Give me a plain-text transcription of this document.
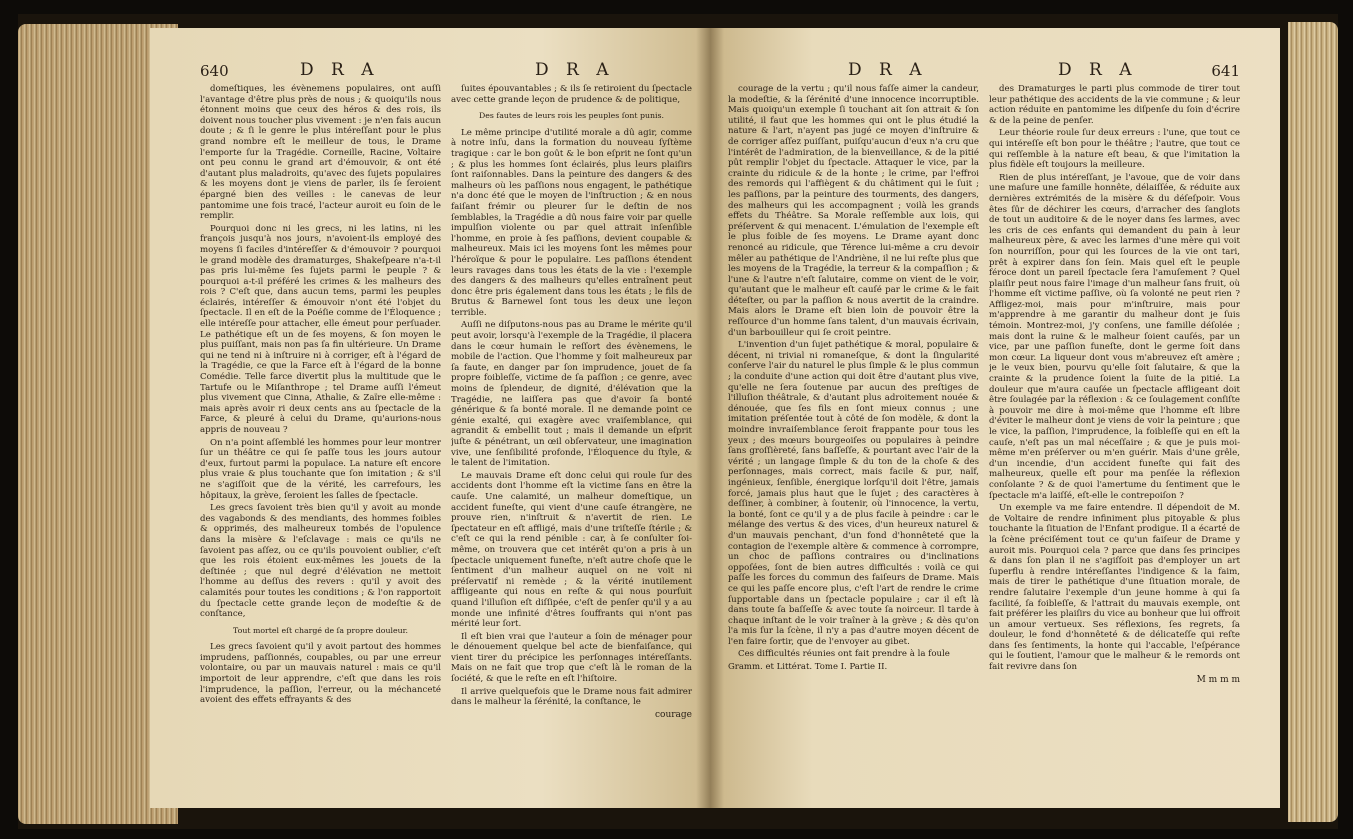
640	D R A	D R A

domeſtiques, les évènemens populaires, ont auſſi l'avantage d'être plus près de nous ; & quoiqu'ils nous étonnent moins que ceux des héros & des rois, ils doivent nous toucher plus vivement : je n'en fais aucun doute ; & ſi le genre le plus intéreſſant pour le plus grand nombre eſt le meilleur de tous, le Drame l'emporte ſur la Tragédie. Corneille, Racine, Voltaire ont peu connu le grand art d'émouvoir, & ont été d'autant plus maladroits, qu'avec des ſujets populaires & les moyens dont je viens de parler, ils ſe ſeroient épargné bien des veilles : le canevas de leur pantomime une fois tracé, l'acteur auroit eu ſoin de le remplir.

Pourquoi donc ni les grecs, ni les latins, ni les françois jusqu'à nos jours, n'avoient-ils employé des moyens ſi faciles d'intéreſſer & d'émouvoir ? pourquoi le grand modèle des dramaturges, Shakeſpeare n'a-t-il pas pris lui-même ſes ſujets parmi le peuple ? & pourquoi a-t-il préféré les crimes & les malheurs des rois ? C'eſt que, dans aucun tems, parmi les peuples éclairés, intéreſſer & émouvoir n'ont été l'objet du ſpectacle. Il en eſt de la Poéſie comme de l'Éloquence ; elle intéreſſe pour attacher, elle émeut pour perſuader. Le pathétique eſt un de ſes moyens, & ſon moyen le plus puiſſant, mais non pas ſa fin ultérieure. Un Drame qui ne tend ni à inſtruire ni à corriger, eſt à l'égard de la Tragédie, ce que la Farce eſt à l'égard de la bonne Comédie. Telle farce divertit plus la multitude que le Tartufe ou le Miſanthrope ; tel Drame auſſi l'émeut plus vivement que Cinna, Athalie, & Zaïre elle-même : mais après avoir ri deux cents ans au ſpectacle de la Farce, & pleuré à celui du Drame, qu'aurions-nous appris de nouveau ?

On n'a point aſſemblé les hommes pour leur montrer ſur un théâtre ce qui ſe paſſe tous les jours autour d'eux, furtout parmi la populace. La nature eſt encore plus vraie & plus touchante que ſon imitation ; & s'il ne s'agiſſoit que de la vérité, les carrefours, les hôpitaux, la grève, ſeroient les ſalles de ſpectacle.

Les grecs ſavoient très bien qu'il y avoit au monde des vagabonds & des mendiants, des hommes foibles & opprimés, des malheureux tombés de l'opulence dans la misère & l'eſclavage : mais ce qu'ils ne ſavoient pas aſſez, ou ce qu'ils pouvoient oublier, c'eſt que les rois étoient eux-mêmes les jouets de la deſtinée ; que nul degré d'élévation ne mettoit l'homme au deſſus des revers : qu'il y avoit des calamités pour toutes les conditions ; & l'on rapportoit du ſpectacle cette grande leçon de modeſtie & de conſtance,

Tout mortel eſt chargé de ſa propre douleur.

Les grecs ſavoient qu'il y avoit partout des hommes imprudens, paſſionnés, coupables, ou par une erreur volontaire, ou par un mauvais naturel : mais ce qu'il importoit de leur apprendre, c'eſt que dans les rois l'imprudence, la paſſion, l'erreur, ou la méchanceté avoient des effets effrayants & des

ſuites épouvantables ; & ils ſe retiroient du ſpectacle avec cette grande leçon de prudence & de politique,

Des fautes de leurs rois les peuples ſont punis.

Le même principe d'utilité morale a dû agir, comme à notre inſu, dans la formation du nouveau ſyſtème tragique : car le bon goût & le bon eſprit ne ſont qu'un ; & plus les hommes ſont éclairés, plus leurs plaiſirs ſont raiſonnables. Dans la peinture des dangers & des malheurs où les paſſions nous engagent, le pathétique n'a donc été que le moyen de l'inſtruction ; & en nous faiſant frémir ou pleurer ſur le deſtin de nos ſemblables, la Tragédie a dû nous faire voir par quelle impulſion violente ou par quel attrait inſenſible l'homme, en proie à ſes paſſions, devient coupable & malheureux. Mais ici les moyens ſont les mêmes pour l'héroïque & pour le populaire. Les paſſions étendent leurs ravages dans tous les états de la vie : l'exemple des dangers & des malheurs qu'elles entraînent peut donc être pris également dans tous les états ; le fils de Brutus & Barnewel ſont tous les deux une leçon terrible.

Auſſi ne diſputons-nous pas au Drame le mérite qu'il peut avoir, lorsqu'à l'exemple de la Tragédie, il placera dans le cœur humain le reſſort des évènemens, le mobile de l'action. Que l'homme y ſoit malheureux par ſa faute, en danger par ſon imprudence, jouet de ſa propre foibleſſe, victime de ſa paſſion ; ce genre, avec moins de ſplendeur, de dignité, d'élévation que la Tragédie, ne laiſſera pas que d'avoir ſa bonté générique & ſa bonté morale. Il ne demande point ce génie exalté, qui exagère avec vraiſemblance, qui agrandit & embellit tout ; mais il demande un eſprit juſte & pénétrant, un œil obſervateur, une imagination vive, une ſenſibilité profonde, l'Éloquence du ſtyle, & le talent de l'imitation.

Le mauvais Drame eſt donc celui qui roule ſur des accidents dont l'homme eſt la victime ſans en être la cauſe. Une calamité, un malheur domeſtique, un accident funeſte, qui vient d'une cauſe étrangère, ne prouve rien, n'inſtruit & n'avertit de rien. Le ſpectateur en eſt affligé, mais d'une triſteſſe ſtérile ; & c'eſt ce qui la rend pénible : car, à ſe conſulter ſoi-même, on trouvera que cet intérêt qu'on a pris à un ſpectacle uniquement funeſte, n'eſt autre choſe que le ſentiment d'un malheur auquel on ne voit ni préſervatif ni remède ; & la vérité inutilement affligeante qui nous en reſte & qui nous pourſuit quand l'illuſion eſt diſſipée, c'eſt de penſer qu'il y a au monde une infinité d'êtres ſouffrants qui n'ont pas mérité leur ſort.

Il eſt bien vrai que l'auteur a ſoin de ménager pour le dénouement quelque bel acte de bienfaiſance, qui vient tirer du précipice les perſonnages intéreſſants. Mais on ne fait que trop que c'eſt là le roman de la ſociété, & que le reſte en eſt l'hiſtoire.

Il arrive quelquefois que le Drame nous fait admirer dans le malheur la ſérénité, la conſtance, le

courage
D R A	D R A	641

courage de la vertu ; qu'il nous faſſe aimer la candeur, la modeſtie, & la ſérénité d'une innocence incorruptible. Mais quoiqu'un exemple ſi touchant ait ſon attrait & ſon utilité, il faut que les hommes qui ont le plus étudié la nature & l'art, n'ayent pas jugé ce moyen d'inſtruire & de corriger aſſez puiſſant, puiſqu'aucun d'eux n'a cru que l'intérêt de l'admiration, de la bienveillance, & de la pitié pût remplir l'objet du ſpectacle. Attaquer le vice, par la crainte du ridicule & de la honte ; le crime, par l'effroi des remords qui l'affiègent & du châtiment qui le ſuit ; les paſſions, par la peinture des tourments, des dangers, des malheurs qui les accompagnent ; voilà les grands effets du Théâtre. Sa Morale reſſemble aux lois, qui préſervent & qui menacent. L'émulation de l'exemple eſt le plus foible de ſes moyens. Le Drame ayant donc renoncé au ridicule, que Térence lui-même a cru devoir mêler au pathétique de l'Andriène, il ne lui reſte plus que les moyens de la Tragédie, la terreur & la compaſſion ; & l'une & l'autre n'eſt ſalutaire, comme on vient de le voir, qu'autant que le malheur eſt cauſé par le crime & le fait déteſter, ou par la paſſion & nous avertit de la craindre. Mais alors le Drame eſt bien loin de pouvoir être la reſſource d'un homme ſans talent, d'un mauvais écrivain, d'un barbouilleur qui ſe croit peintre.

L'invention d'un ſujet pathétique & moral, populaire & décent, ni trivial ni romaneſque, & dont la ſingularité conſerve l'air du naturel le plus ſimple & le plus commun ; la conduite d'une action qui doit être d'autant plus vive, qu'elle ne ſera ſoutenue par aucun des preſtiges de l'illuſion théâtrale, & d'autant plus adroitement nouée & dénouée, que ſes fils en ſont mieux connus ; une imitation préſentée tout à côté de ſon modèle, & dont la moindre invraiſemblance ſeroit frappante pour tous les yeux ; des mœurs bourgeoiſes ou populaires à peindre ſans groſſièreté, ſans baſſeſſe, & pourtant avec l'air de la vérité ; un langage ſimple & du ton de la choſe & des perſonnages, mais correct, mais facile & pur, naïf, ingénieux, ſenſible, énergique lorſqu'il doit l'être, jamais forcé, jamais plus haut que le ſujet ; des caractères à deſſiner, à combiner, à ſoutenir, où l'innocence, la vertu, la bonté, ſont ce qu'il y a de plus facile à peindre : car le mélange des vertus & des vices, d'un heureux naturel & d'un mauvais penchant, d'un fond d'honnêteté que la contagion de l'exemple altère & commence à corrompre, un choc de paſſions contraires ou d'inclinations oppoſées, ſont de bien autres difficultés : voilà ce qui paſſe les forces du commun des faiſeurs de Drame. Mais ce qui les paſſe encore plus, c'eſt l'art de rendre le crime ſupportable dans un ſpectacle populaire ; car il eſt là dans toute ſa baſſeſſe & avec toute ſa noirceur. Il tarde à chaque inſtant de le voir traîner à la grève ; & dès qu'on l'a mis ſur la ſcène, il n'y a pas d'autre moyen décent de l'en faire ſortir, que de l'envoyer au gibet.

Ces difficultés réunies ont fait prendre à la foule

Gramm. et Littérat. Tome I. Partie II.

des Dramaturges le parti plus commode de tirer tout leur pathétique des accidents de la vie commune ; & leur action réduite en pantomime les diſpenſe du ſoin d'écrire & de la peine de penſer.

Leur théorie roule ſur deux erreurs : l'une, que tout ce qui intéreſſe eſt bon pour le théâtre ; l'autre, que tout ce qui reſſemble à la nature eſt beau, & que l'imitation la plus fidèle eſt toujours la meilleure.

Rien de plus intéreſſant, je l'avoue, que de voir dans une maſure une famille honnête, délaiſſée, & réduite aux dernières extrémités de la misère & du déſeſpoir. Vous êtes ſûr de déchirer les cœurs, d'arracher des ſanglots de tout un auditoire & de le noyer dans ſes larmes, avec les cris de ces enfants qui demandent du pain à leur malheureux père, & avec les larmes d'une mère qui voit ſon nourriſſon, pour qui les ſources de la vie ont tari, prêt à expirer dans ſon ſein. Mais quel eſt le peuple féroce dont un pareil ſpectacle ſera l'amuſement ? Quel plaiſir peut nous faire l'image d'un malheur ſans fruit, où l'homme eſt victime paſſive, où ſa volonté ne peut rien ? Affligez-moi, mais pour m'inſtruire, mais pour m'apprendre à me garantir du malheur dont je ſuis témoin. Montrez-moi, j'y conſens, une famille déſolée ; mais dont la ruine & le malheur ſoient cauſés, par un vice, par une paſſion funeſte, dont le germe ſoit dans mon cœur. La liqueur dont vous m'abreuvez eſt amère ; je le veux bien, pourvu qu'elle ſoit ſalutaire, & que la crainte & la prudence ſoient la ſuite de la pitié. La douleur que m'aura cauſée un ſpectacle affligeant doit être ſoulagée par la réflexion : & ce ſoulagement conſiſte à pouvoir me dire à moi-même que l'homme eſt libre d'éviter le malheur dont je viens de voir la peinture ; que le vice, la paſſion, l'imprudence, la foibleſſe qui en eſt la cauſe, n'eſt pas un mal néceſſaire ; & que je puis moi-même m'en préſerver ou m'en guérir. Mais d'une grêle, d'un incendie, d'un accident funeſte qui fait des malheureux, quelle eſt pour ma penſée la réflexion conſolante ? & de quoi l'amertume du ſentiment que le ſpectacle m'a laiſſé, eſt-elle le contrepoiſon ?

Un exemple va me faire entendre. Il dépendoit de M. de Voltaire de rendre infiniment plus pitoyable & plus touchante la ſituation de l'Enfant prodigue. Il a écarté de la ſcène préciſément tout ce qu'un faiſeur de Drame y auroit mis. Pourquoi cela ? parce que dans ſes principes & dans ſon plan il ne s'agiſſoit pas d'employer un art ſuperflu à rendre intéreſſantes l'indigence & la faim, mais de tirer le pathétique d'une ſituation morale, de rendre ſalutaire l'exemple d'un jeune homme à qui ſa facilité, ſa foibleſſe, & l'attrait du mauvais exemple, ont fait préférer les plaiſirs du vice au bonheur que lui offroit un amour vertueux. Ses réflexions, ſes regrets, ſa douleur, le fond d'honnêteté & de délicateſſe qui reſte dans ſes ſentiments, la honte qui l'accable, l'eſpérance qui le ſoutient, l'amour que le malheur & le remords ont fait revivre dans ſon

M m m m
